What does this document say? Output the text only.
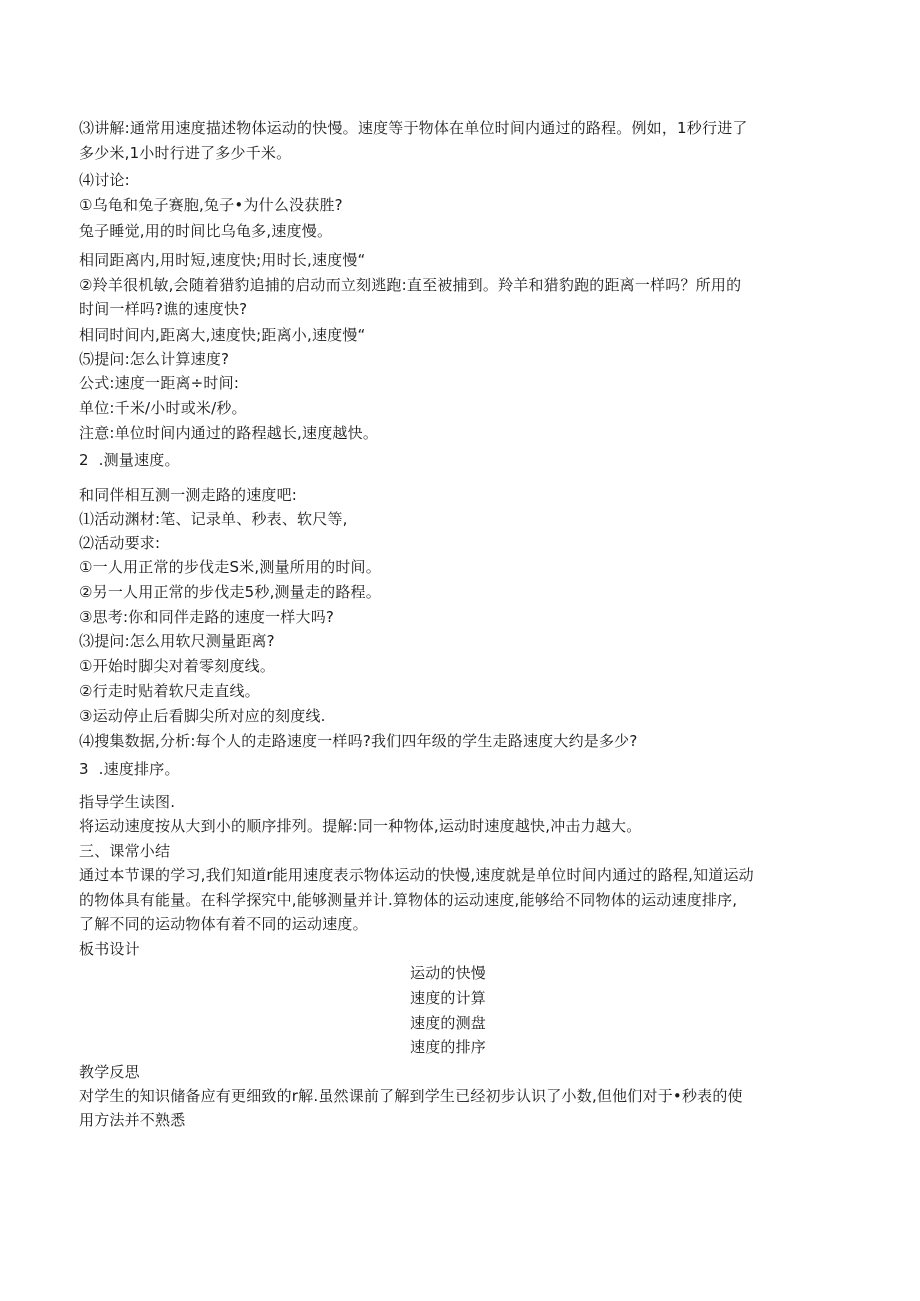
⑶讲解:通常用速度描述物体运动的快慢。速度等于物体在单位时间内通过的路程。例如，1秒行进了
多少米,1小时行进了多少千米。
⑷讨论:
①乌龟和兔子赛胞,兔子•为什么没获胜?
兔子睡觉,用的时间比乌龟多,速度慢。
相同距离内,用时短,速度快;用时长,速度慢“
②羚羊很机敏,会随着猎豹追捕的启动而立刻逃跑:直至被捕到。羚羊和猎豹跑的距离一样吗？所用的
时间一样吗?谯的速度快?
相同时间内,距离大,速度快;距离小,速度慢“
⑸提问:怎么计算速度?
公式:速度一距离÷时间:
单位:千米/小时或米/秒。
注意:单位时间内通过的路程越长,速度越快。
2  .测量速度。
和同伴相互测一测走路的速度吧:
⑴活动渊材:笔、记录单、秒表、软尺等,
⑵活动要求:
①一人用正常的步伐走S米,测量所用的时间。
②另一人用正常的步伐走5秒,测量走的路程。
③思考:你和同伴走路的速度一样大吗?
⑶提问:怎么用软尺测量距离?
①开始时脚尖对着零刻度线。
②行走时贴着软尺走直线。
③运动停止后看脚尖所对应的刻度线.
⑷搜集数据,分析:每个人的走路速度一样吗?我们四年级的学生走路速度大约是多少?
3  .速度排序。
指导学生读图.
将运动速度按从大到小的顺序排列。提解:同一种物体,运动时速度越快,冲击力越大。
三、课常小结
通过本节课的学习,我们知道r能用速度表示物体运动的快慢,速度就是单位时间内通过的路程,知道运动
的物体具有能量。在科学探究中,能够测量并计.算物体的运动速度,能够给不同物体的运动速度排序,
了解不同的运动物体有着不同的运动速度。
板书设计
运动的快慢
速度的计算
速度的测盘
速度的排序
教学反思
对学生的知识储备应有更细致的r解.虽然课前了解到学生已经初步认识了小数,但他们对于•秒表的使
用方法并不熟悉
